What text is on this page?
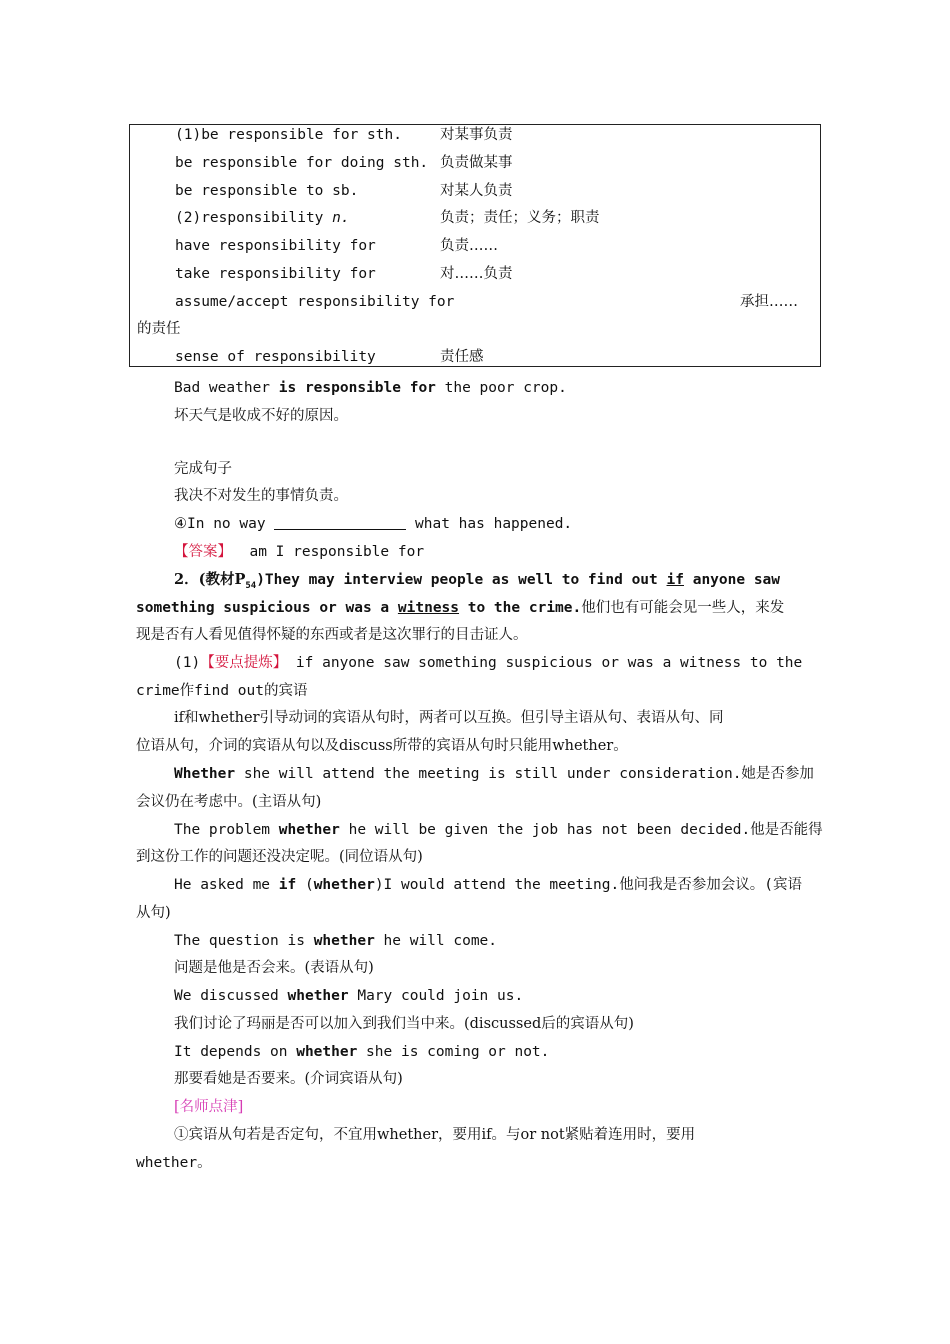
(1)be responsible for sth.	对某事负责
be responsible for doing sth. 负责做某事
be responsible to sb.	对某人负责
(2)responsibility n.	负责；责任；义务；职责
have responsibility for	负责……
take responsibility for	对……负责
assume/accept responsibility for	承担……
的责任
sense of responsibility	责任感
Bad weather is responsible for the poor crop.
坏天气是收成不好的原因。
完成句子
我决不对发生的事情负责。
④In no way	what has happened.
【答案】 am I responsible for
2．(教材$P_{54})They$ may interview people as well to find out if anyone saw
something suspicious or was a witness to the crime.他们也有可能会见一些人，来发
现是否有人看见值得怀疑的东西或者是这次罪行的目击证人。
(1)【要点提炼】 if anyone saw something suspicious or was a witness to the
crime作find out的宾语
if和whether引导动词的宾语从句时，两者可以互换。但引导主语从句、表语从句、同
位语从句，介词的宾语从句以及discuss所带的宾语从句时只能用whether。
Whether she will attend the meeting is still under consideration.她是否参加
会议仍在考虑中。(主语从句)
The problem whether he will be given the job has not been decided.他是否能得
到这份工作的问题还没决定呢。(同位语从句)
He asked me if (whether)I would attend the meeting.他问我是否参加会议。(宾语
从句)
The question is whether he will come.
问题是他是否会来。(表语从句)
We discussed whether Mary could join us.
我们讨论了玛丽是否可以加入到我们当中来。(discussed后的宾语从句)
It depends on whether she is coming or not.
那要看她是否要来。(介词宾语从句)
[名师点津]
①宾语从句若是否定句，不宜用whether，要用if。与or not紧贴着连用时，要用
whether。
